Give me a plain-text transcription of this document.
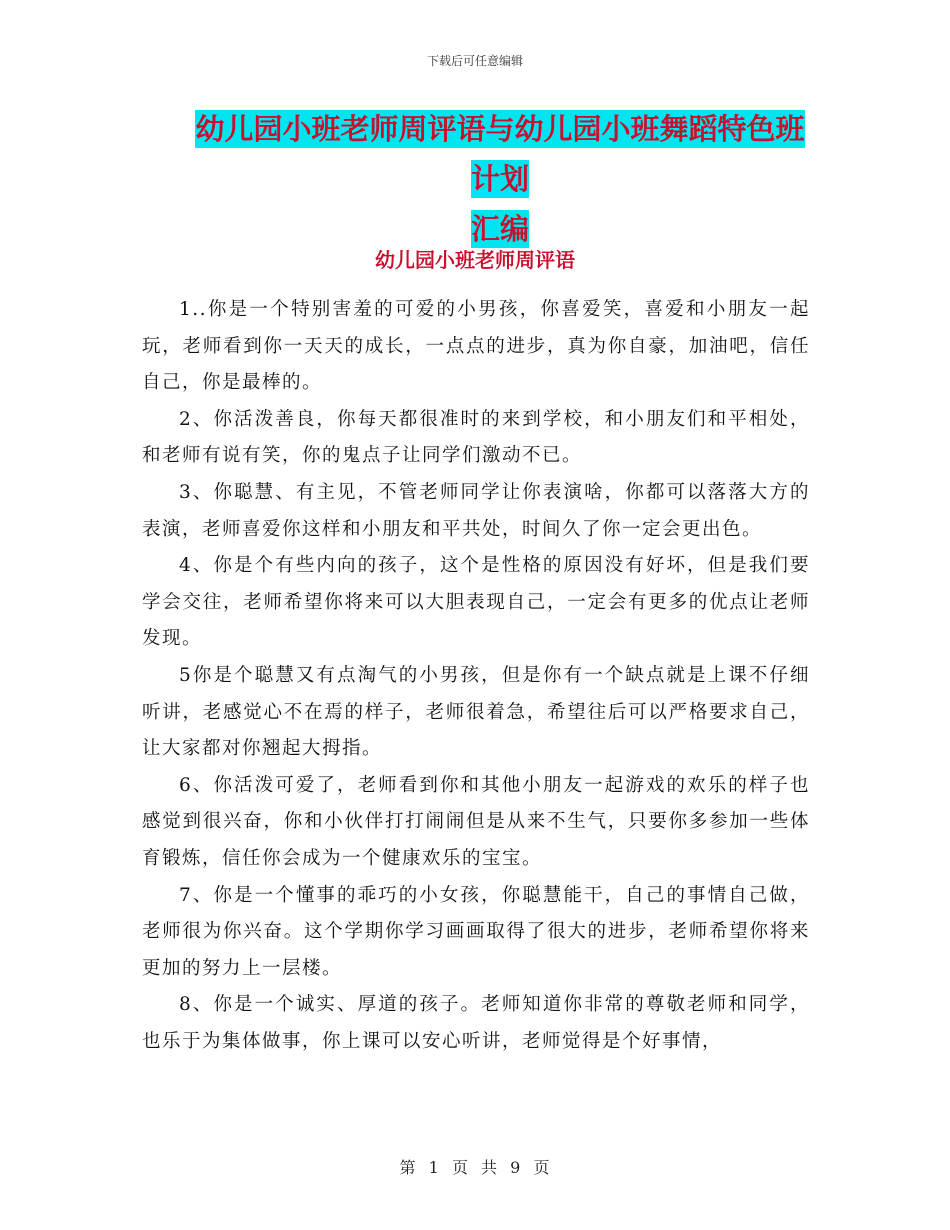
下载后可任意编辑
幼儿园小班老师周评语与幼儿园小班舞蹈特色班计划
汇编
幼儿园小班老师周评语

1..你是一个特别害羞的可爱的小男孩，你喜爱笑，喜爱和小朋友一起玩，老师看到你一天天的成长，一点点的进步，真为你自豪，加油吧，信任自己，你是最棒的。

2、你活泼善良，你每天都很准时的来到学校，和小朋友们和平相处，和老师有说有笑，你的鬼点子让同学们激动不已。

3、你聪慧、有主见，不管老师同学让你表演啥，你都可以落落大方的表演，老师喜爱你这样和小朋友和平共处，时间久了你一定会更出色。

4、你是个有些内向的孩子，这个是性格的原因没有好坏，但是我们要学会交往，老师希望你将来可以大胆表现自己，一定会有更多的优点让老师发现。

5你是个聪慧又有点淘气的小男孩，但是你有一个缺点就是上课不仔细听讲，老感觉心不在焉的样子，老师很着急，希望往后可以严格要求自己，让大家都对你翘起大拇指。

6、你活泼可爱了，老师看到你和其他小朋友一起游戏的欢乐的样子也感觉到很兴奋，你和小伙伴打打闹闹但是从来不生气，只要你多参加一些体育锻炼，信任你会成为一个健康欢乐的宝宝。

7、你是一个懂事的乖巧的小女孩，你聪慧能干，自己的事情自己做，老师很为你兴奋。这个学期你学习画画取得了很大的进步，老师希望你将来更加的努力上一层楼。

8、你是一个诚实、厚道的孩子。老师知道你非常的尊敬老师和同学，也乐于为集体做事，你上课可以安心听讲，老师觉得是个好事情，

第 1 页 共 9 页
